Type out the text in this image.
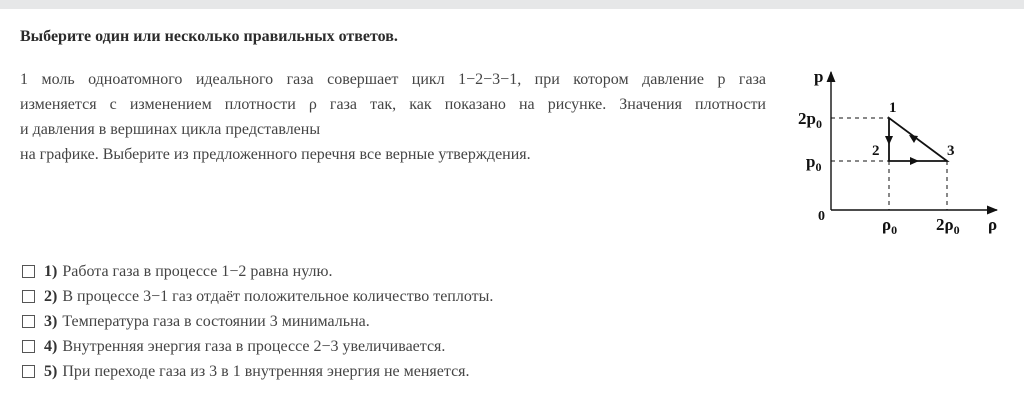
Выберите один или несколько правильных ответов.
1 моль одноатомного идеального газа совершает цикл 1−2−3−1, при котором давление p газа
изменяется с изменением плотности ρ газа так, как показано на рисунке. Значения плотности
и давления в вершинах цикла представлены
на графике. Выберите из предложенного перечня все верные утверждения.
p
0	ρ
$2p_0$
$p_0$
$\rho_0$ $2\rho_0$
1
2	3
1) Работа газа в процессе 1−2 равна нулю.
2) В процессе 3−1 газ отдаёт положительное количество теплоты.
3) Температура газа в состоянии 3 минимальна.
4) Внутренняя энергия газа в процессе 2−3 увеличивается.
5) При переходе газа из 3 в 1 внутренняя энергия не меняется.
